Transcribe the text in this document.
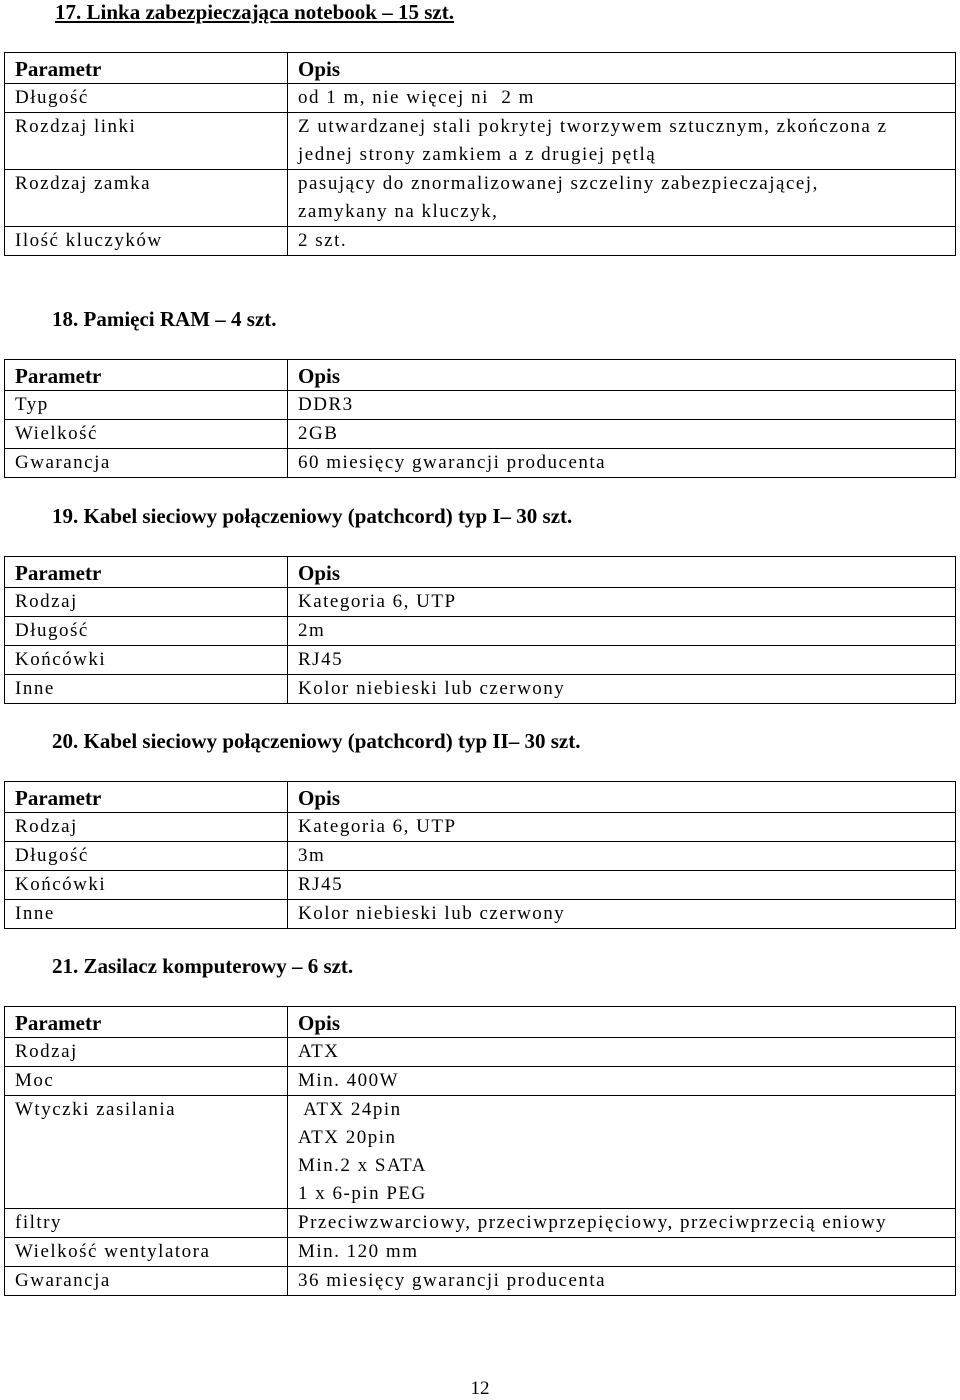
17. Linka zabezpieczająca notebook – 15 szt.
Parametr	Opis
Długość	od 1 m, nie więcej ni  2 m

Rozdzaj linki	Z utwardzanej stali pokrytej tworzywem sztucznym, zkończona z
jednej strony zamkiem a z drugiej pętlą

Rozdzaj zamka	pasujący do znormalizowanej szczeliny zabezpieczającej,
zamykany na kluczyk,

Ilość kluczyków	2 szt.
18. Pamięci RAM – 4 szt.
Parametr	Opis
Typ	DDR3

Wielkość	2GB

Gwarancja	60 miesięcy gwarancji producenta
19. Kabel sieciowy połączeniowy (patchcord) typ I– 30 szt.
Parametr	Opis
Rodzaj	Kategoria 6, UTP

Długość	2m

Końcówki	RJ45

Inne	Kolor niebieski lub czerwony
20. Kabel sieciowy połączeniowy (patchcord) typ II– 30 szt.
Parametr	Opis
Rodzaj	Kategoria 6, UTP

Długość	3m

Końcówki	RJ45

Inne	Kolor niebieski lub czerwony
21. Zasilacz komputerowy – 6 szt.
Parametr	Opis
Rodzaj	ATX

Moc	Min. 400W

Wtyczki zasilania	ATX 24pin
ATX 20pin
Min.2 x SATA
1 x 6-pin PEG

filtry	Przeciwzwarciowy, przeciwprzepięciowy, przeciwprzecią eniowy

Wielkość wentylatora	Min. 120 mm

Gwarancja	36 miesięcy gwarancji producenta
12
